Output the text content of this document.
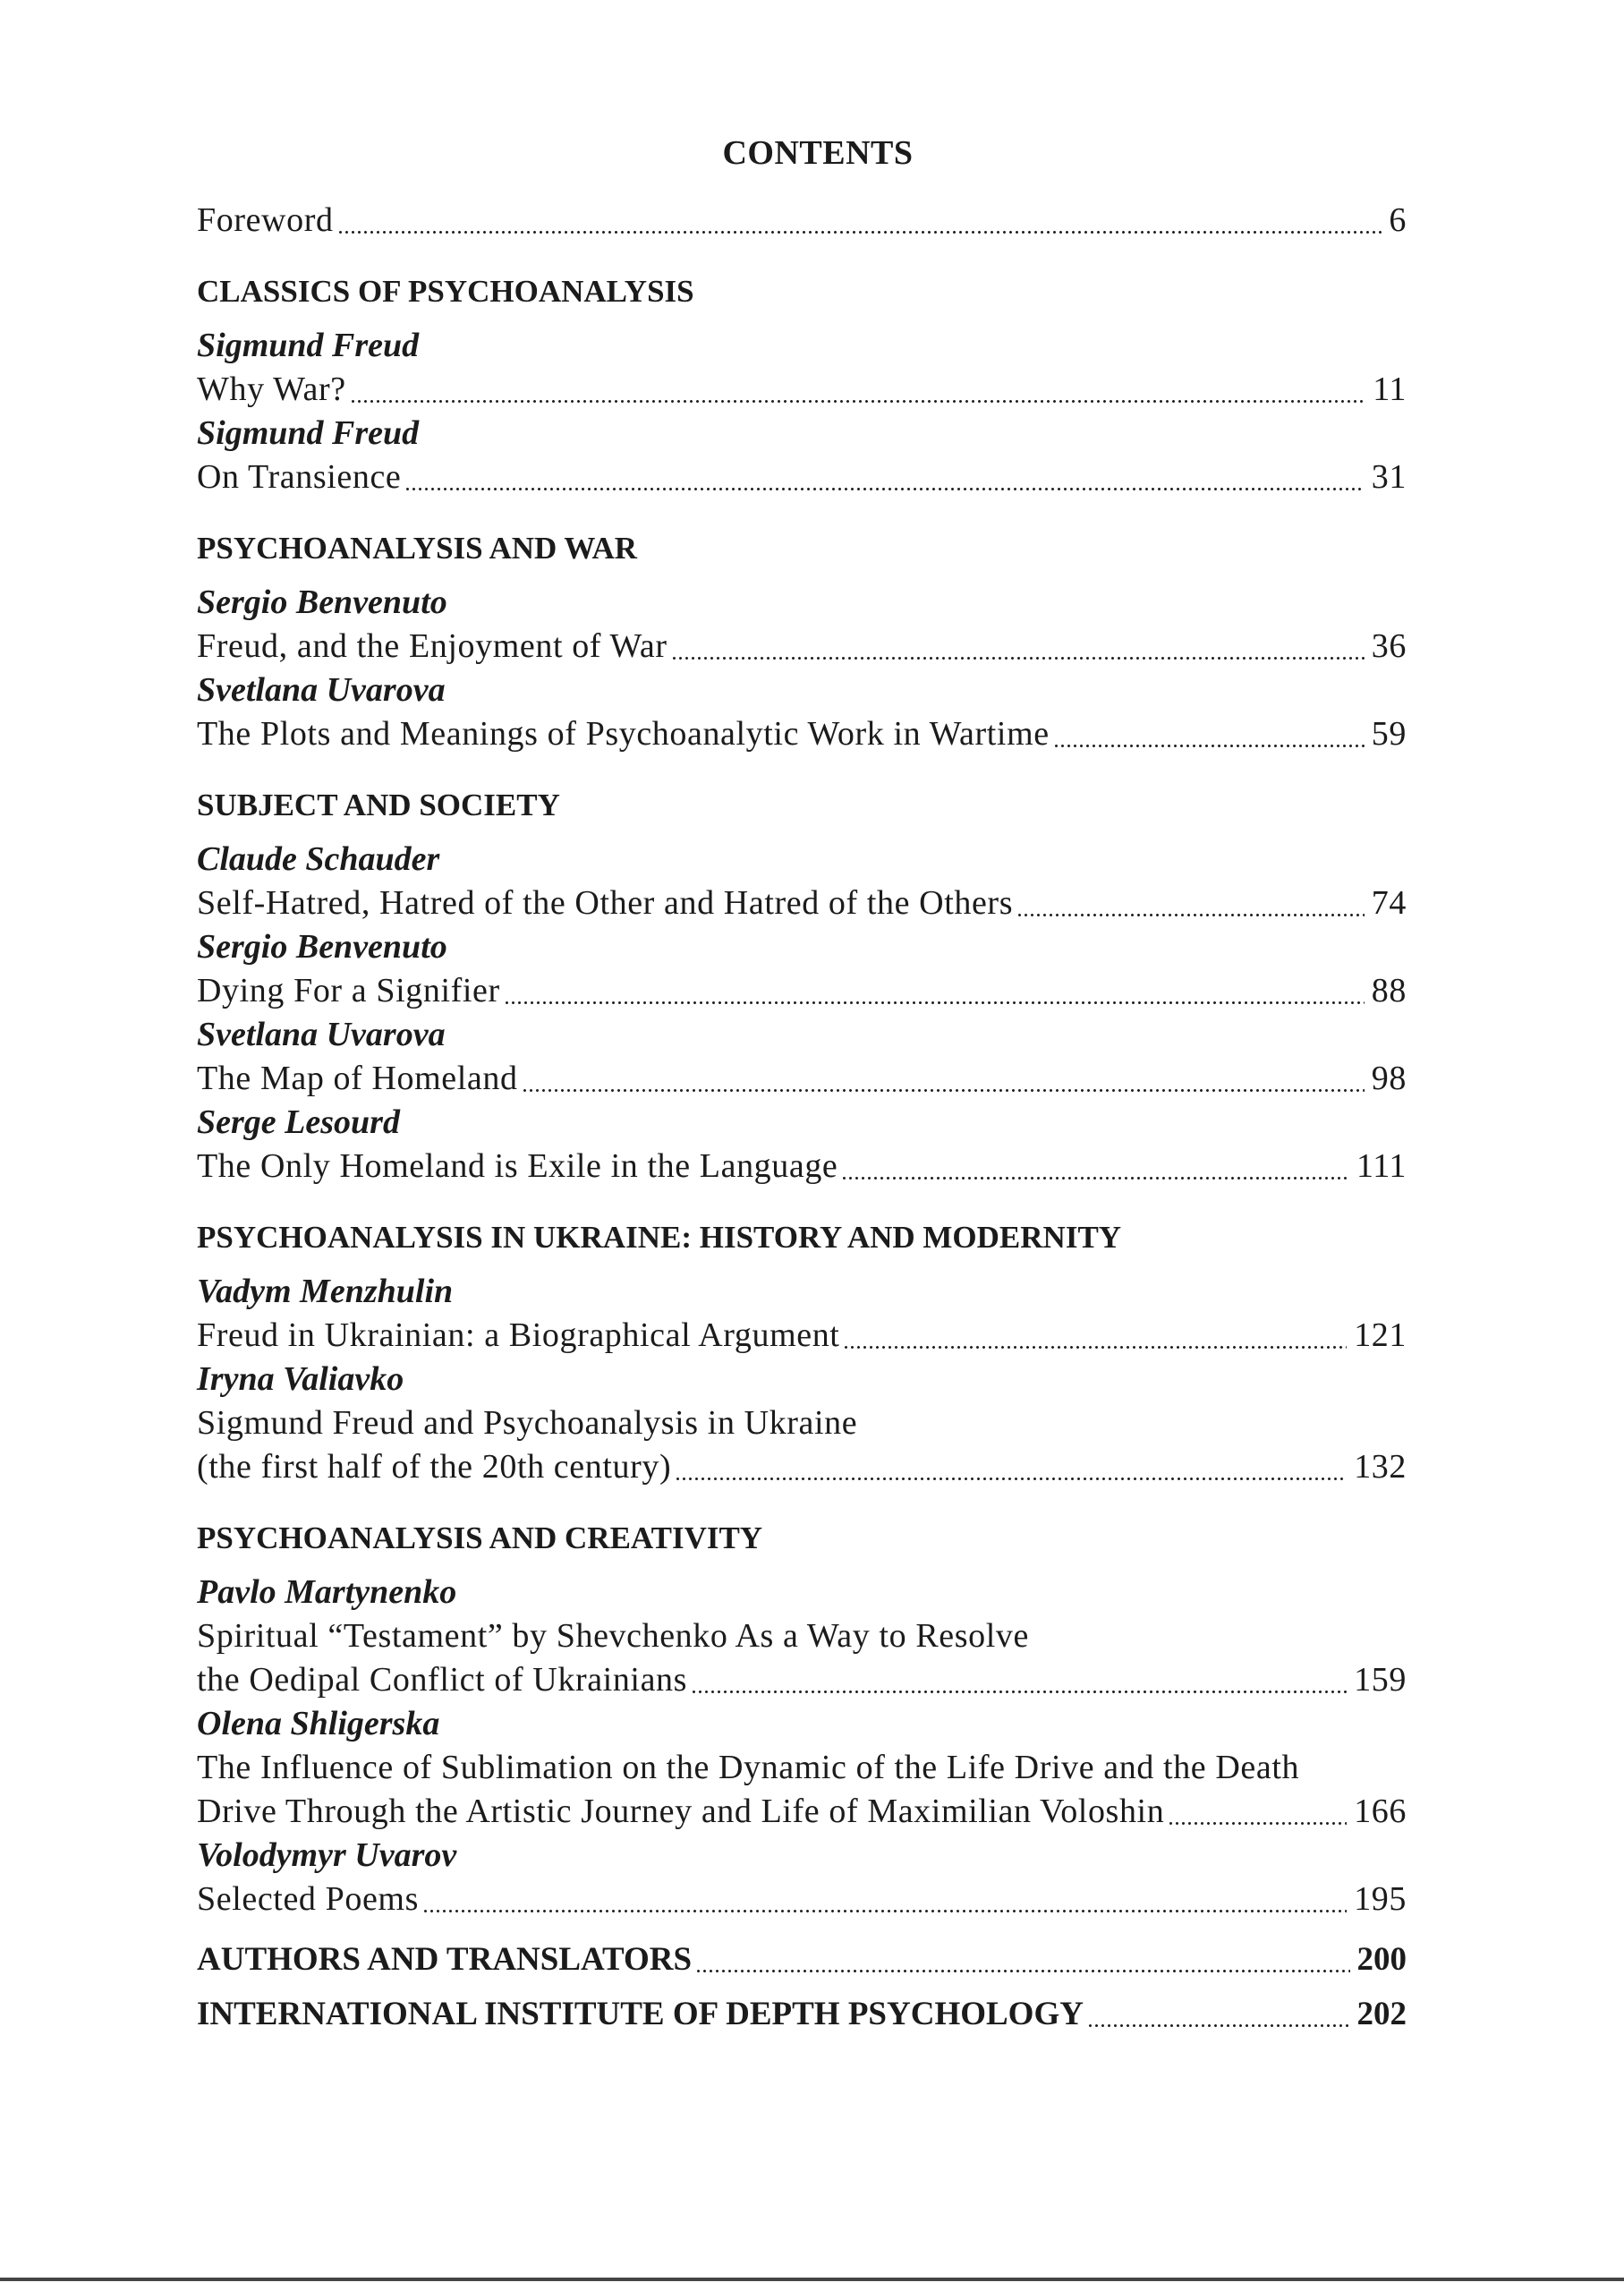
CONTENTS
Foreword	6
CLASSICS OF PSYCHOANALYSIS
Sigmund Freud
Why War?	11
Sigmund Freud
On Transience	31
PSYCHOANALYSIS AND WAR
Sergio Benvenuto
Freud, and the Enjoyment of War	36
Svetlana Uvarova
The Plots and Meanings of Psychoanalytic Work in Wartime	59
SUBJECT AND SOCIETY
Claude Schauder
Self-Hatred, Hatred of the Other and Hatred of the Others	74
Sergio Benvenuto
Dying For a Signifier	88
Svetlana Uvarova
The Map of Homeland	98
Serge Lesourd
The Only Homeland is Exile in the Language	111
PSYCHOANALYSIS IN UKRAINE: HISTORY AND MODERNITY
Vadym Menzhulin
Freud in Ukrainian: a Biographical Argument	121
Iryna Valiavko
Sigmund Freud and Psychoanalysis in Ukraine
(the first half of the 20th century)	132
PSYCHOANALYSIS AND CREATIVITY
Pavlo Martynenko
Spiritual “Testament” by Shevchenko As a Way to Resolve
the Oedipal Conflict of Ukrainians	159
Olena Shligerska
The Influence of Sublimation on the Dynamic of the Life Drive and the Death
Drive Through the Artistic Journey and Life of Maximilian Voloshin	166
Volodymyr Uvarov
Selected Poems	195
AUTHORS AND TRANSLATORS	200
INTERNATIONAL INSTITUTE OF DEPTH PSYCHOLOGY	202
